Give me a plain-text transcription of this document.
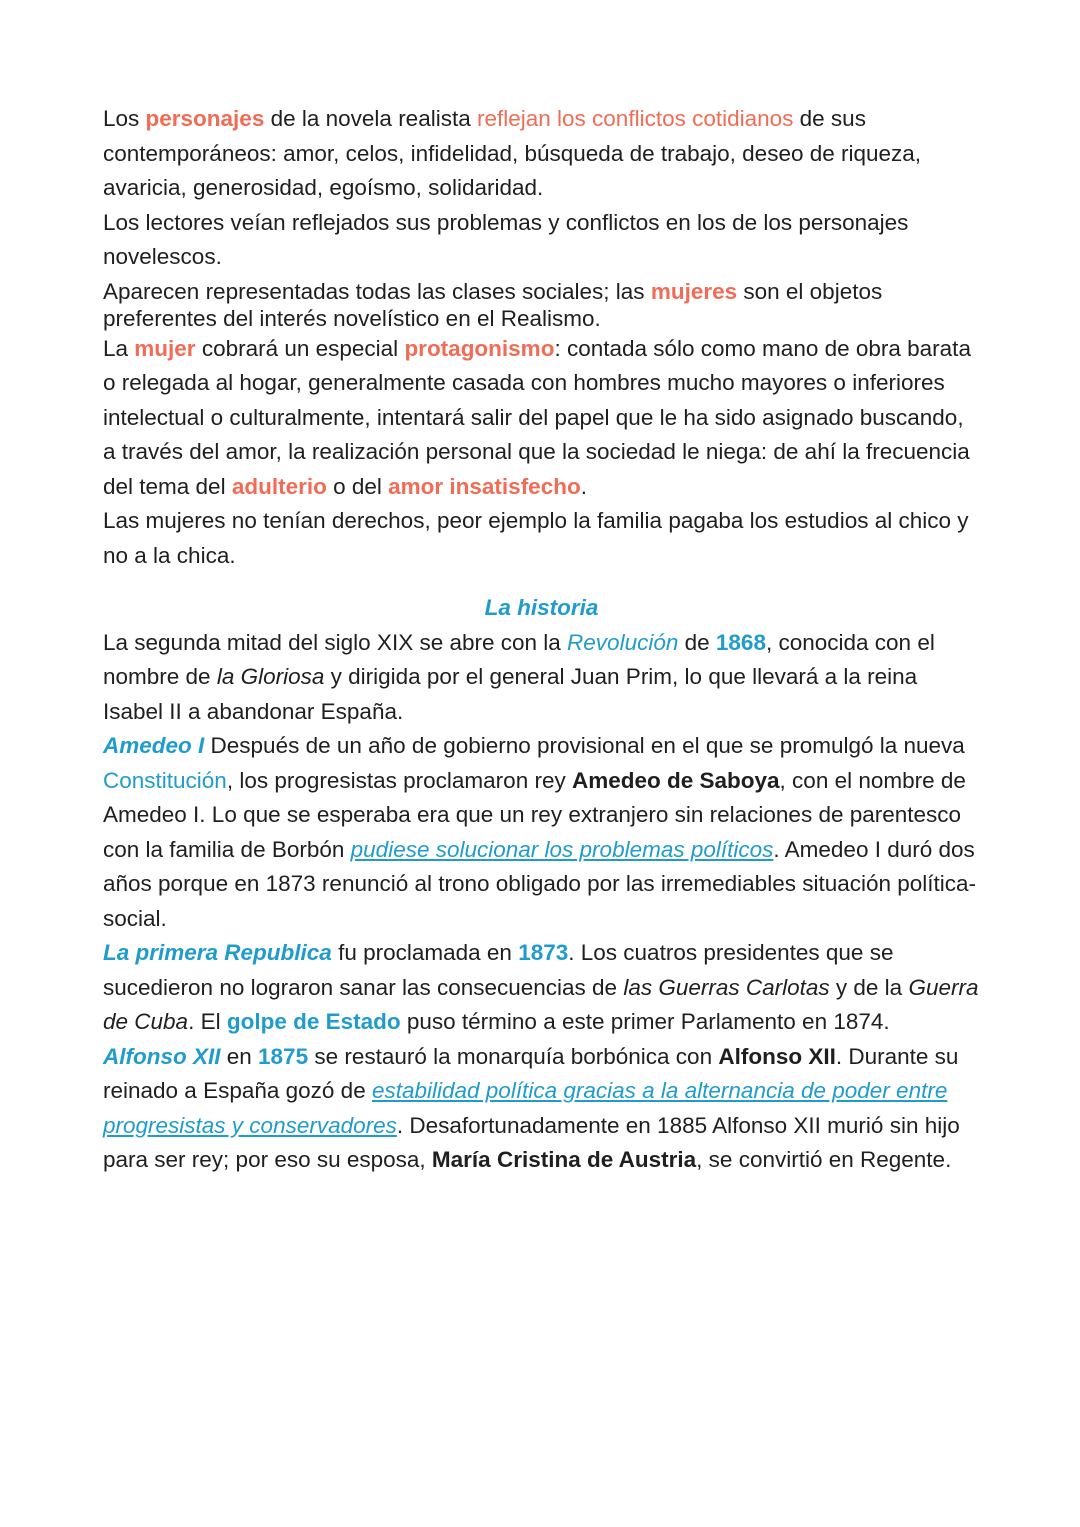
Los personajes de la novela realista reflejan los conflictos cotidianos de sus contemporáneos: amor, celos, infidelidad, búsqueda de trabajo, deseo de riqueza, avaricia, generosidad, egoísmo, solidaridad.

Los lectores veían reflejados sus problemas y conflictos en los de los personajes novelescos.

Aparecen representadas todas las clases sociales; las mujeres son el objetos preferentes del interés novelístico en el Realismo.

La mujer cobrará un especial protagonismo: contada sólo como mano de obra barata o relegada al hogar, generalmente casada con hombres mucho mayores o inferiores intelectual o culturalmente, intentará salir del papel que le ha sido asignado buscando, a través del amor, la realización personal que la sociedad le niega: de ahí la frecuencia del tema del adulterio o del amor insatisfecho.

Las mujeres no tenían derechos, peor ejemplo la familia pagaba los estudios al chico y no a la chica.

La historia

La segunda mitad del siglo XIX se abre con la Revolución de 1868, conocida con el nombre de la Gloriosa y dirigida por el general Juan Prim, lo que llevará a la reina Isabel II a abandonar España.

Amedeo I Después de un año de gobierno provisional en el que se promulgó la nueva Constitución, los progresistas proclamaron rey Amedeo de Saboya, con el nombre de Amedeo I. Lo que se esperaba era que un rey extranjero sin relaciones de parentesco con la familia de Borbón pudiese solucionar los problemas políticos. Amedeo I duró dos años porque en 1873 renunció al trono obligado por las irremediables situación política-social.

La primera Republica fu proclamada en 1873. Los cuatros presidentes que se sucedieron no lograron sanar las consecuencias de las Guerras Carlotas y de la Guerra de Cuba. El golpe de Estado puso término a este primer Parlamento en 1874.

Alfonso XII en 1875 se restauró la monarquía borbónica con Alfonso XII. Durante su reinado a España gozó de estabilidad política gracias a la alternancia de poder entre progresistas y conservadores. Desafortunadamente en 1885 Alfonso XII murió sin hijo para ser rey; por eso su esposa, María Cristina de Austria, se convirtió en Regente.
